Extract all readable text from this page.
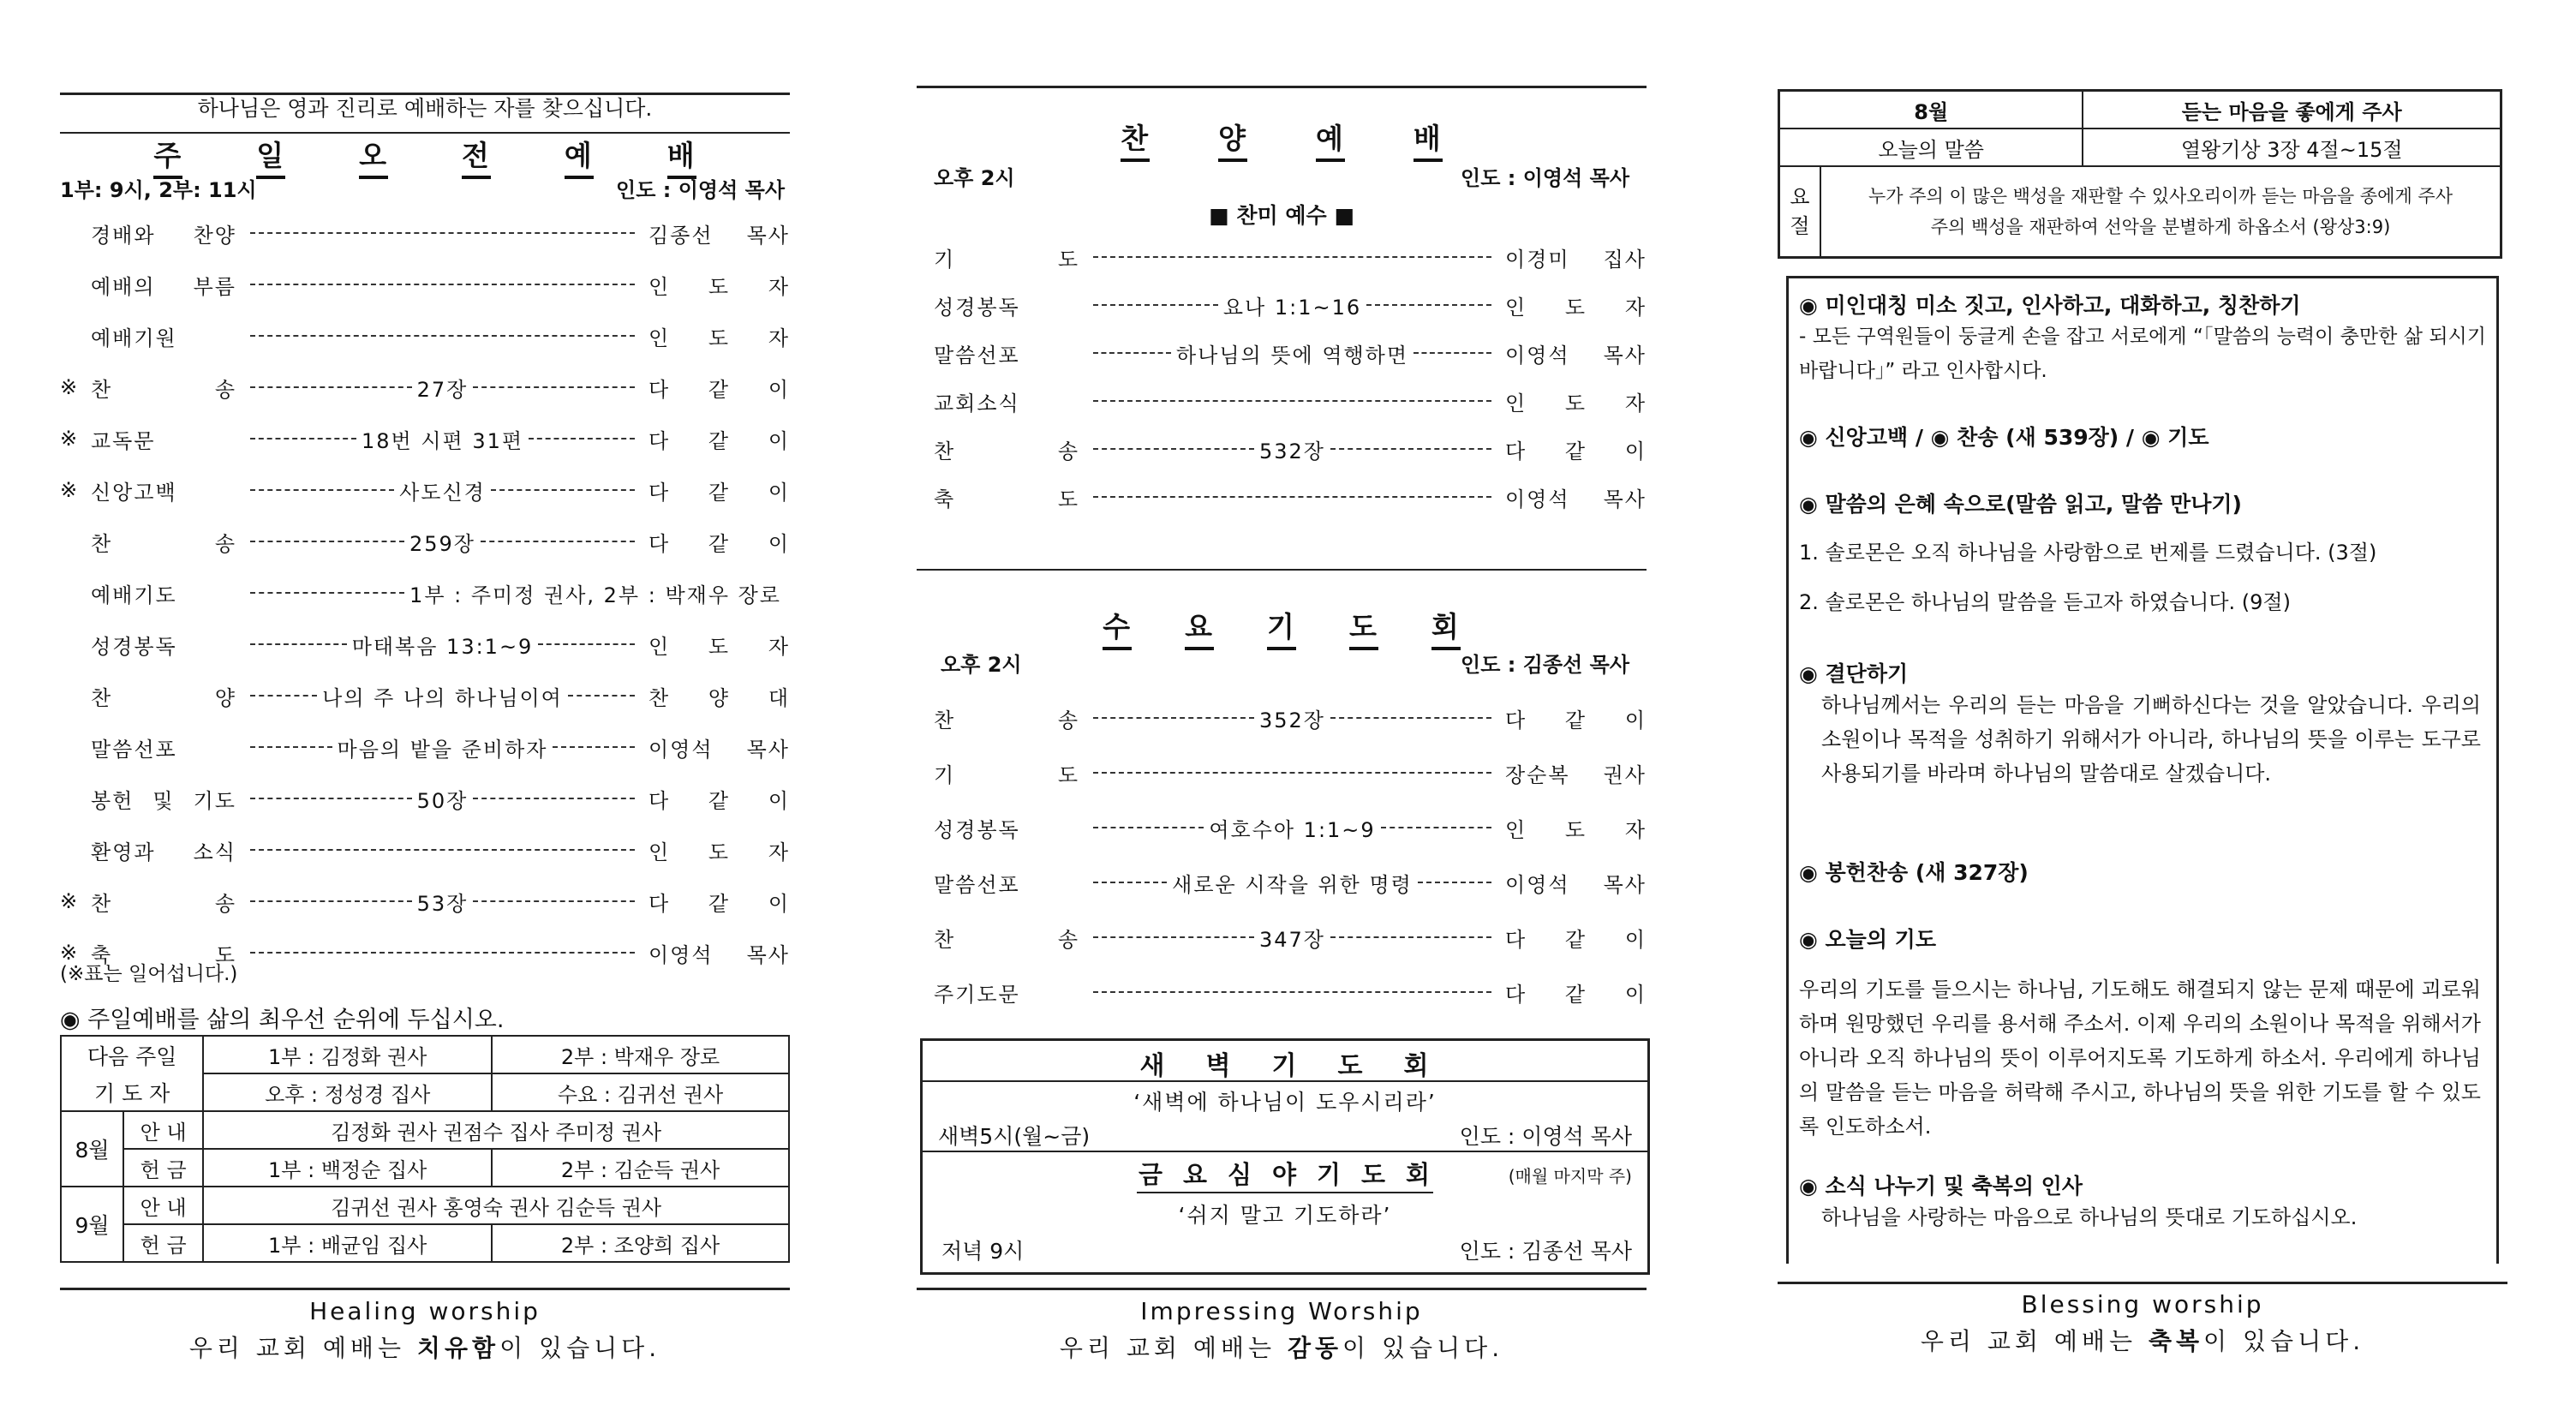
하나님은 영과 진리로 예배하는 자를 찾으십니다.
주	일	오	전	예	배
1부: 9시, 2부: 11시	인도 : 이영석 목사
경배와 찬양	김종선 목사
예배의 부름	인 도 자
예배기원	인 도 자
※ 찬 송	27장	다 같 이
※ 교독문	18번 시편 31편	다 같 이
※ 신앙고백	사도신경	다 같 이
찬 송	259장	다 같 이
예배기도	1부 : 주미정 권사, 2부 : 박재우 장로
성경봉독	마태복음 13:1~9	인 도 자
찬 양	나의 주 나의 하나님이여	찬 양 대
말씀선포	마음의 밭을 준비하자	이영석 목사
봉헌 및 기도	50장	다 같 이
환영과 소식	인 도 자
※ 찬 송	53장	다 같 이
※ 축 도	이영석 목사
(※표는 일어섭니다.)
◉ 주일예배를 삶의 최우선 순위에 두십시오.
다음 주일		1부 : 김정화 권사	2부 : 박재우 장로
기 도 자		오후 : 정성경 집사	수요 : 김귀선 권사
8월	안 내	김정화 권사 권점수 집사 주미정 권사	
	헌 금	1부 : 백정순 집사	2부 : 김순득 권사
9월	안 내	김귀선 권사 홍영숙 권사 김순득 권사	
	헌 금	1부 : 배균임 집사	2부 : 조양희 집사
Healing worship
우리 교회 예배는 치유함이 있습니다.
찬 양 예 배
오후 2시	인도 : 이영석 목사
■ 찬미 예수 ■
기 도	이경미 집사
성경봉독	요나 1:1~16	인 도 자
말씀선포	하나님의 뜻에 역행하면	이영석 목사
교회소식	인 도 자
찬 송	532장	다 같 이
축 도	이영석 목사
수 요 기 도 회
오후 2시	인도 : 김종선 목사
찬 송	352장	다 같 이
기 도	장순복 권사
성경봉독	여호수아 1:1~9	인 도 자
말씀선포	새로운 시작을 위한 명령	이영석 목사
찬 송	347장	다 같 이
주기도문	다 같 이
새 벽 기 도 회
‘새벽에 하나님이 도우시리라’
새벽5시(월~금)	인도 : 이영석 목사
금 요 심 야 기 도 회	(매월 마지막 주)
‘쉬지 말고 기도하라’
저녁 9시	인도 : 김종선 목사
Impressing Worship
우리 교회 예배는 감동이 있습니다.
8월		듣는 마음을 좋에게 주사
오늘의 말씀		열왕기상 3장 4절~15절
요
절	누가 주의 이 많은 백성을 재판할 수 있사오리이까 듣는 마음을 종에게 주사
주의 백성을 재판하여 선악을 분별하게 하옵소서 (왕상3:9)	
◉ 미인대칭 미소 짓고, 인사하고, 대화하고, 칭찬하기
- 모든 구역원들이 둥글게 손을 잡고 서로에게 “「말씀의 능력이 충만한 삶 되시기 바랍니다」” 라고 인사합시다.
◉ 신앙고백 / ◉ 찬송 (새 539장) / ◉ 기도
◉ 말씀의 은혜 속으로(말씀 읽고, 말씀 만나기)
1. 솔로몬은 오직 하나님을 사랑함으로 번제를 드렸습니다. (3절)
2. 솔로몬은 하나님의 말씀을 듣고자 하였습니다. (9절)
◉ 결단하기
하나님께서는 우리의 듣는 마음을 기뻐하신다는 것을 알았습니다. 우리의 소원이나 목적을 성취하기 위해서가 아니라, 하나님의 뜻을 이루는 도구로 사용되기를 바라며 하나님의 말씀대로 살겠습니다.
◉ 봉헌찬송 (새 327장)
◉ 오늘의 기도
우리의 기도를 들으시는 하나님, 기도해도 해결되지 않는 문제 때문에 괴로워하며 원망했던 우리를 용서해 주소서. 이제 우리의 소원이나 목적을 위해서가 아니라 오직 하나님의 뜻이 이루어지도록 기도하게 하소서. 우리에게 하나님의 말씀을 듣는 마음을 허락해 주시고, 하나님의 뜻을 위한 기도를 할 수 있도록 인도하소서.
◉ 소식 나누기 및 축복의 인사
하나님을 사랑하는 마음으로 하나님의 뜻대로 기도하십시오.
Blessing worship
우리 교회 예배는 축복이 있습니다.
